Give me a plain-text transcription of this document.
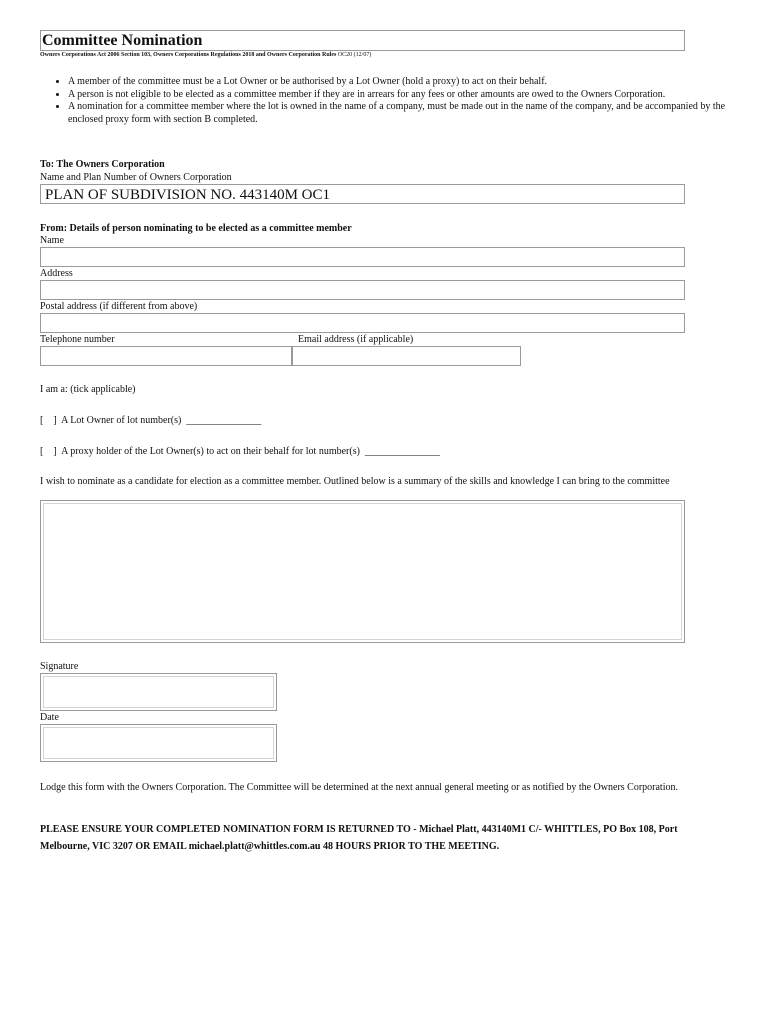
Committee Nomination
Owners Corporations Act 2006 Section 103, Owners Corporations Regulations 2018 and Owners Corporation Rules OC20 (12/07)
• A member of the committee must be a Lot Owner or be authorised by a Lot Owner (hold a proxy) to act on their behalf.
• A person is not eligible to be elected as a committee member if they are in arrears for any fees or other amounts are owed to the Owners Corporation.
• A nomination for a committee member where the lot is owned in the name of a company, must be made out in the name of the company, and be accompanied by the enclosed proxy form with section B completed.
To: The Owners Corporation
Name and Plan Number of Owners Corporation
PLAN OF SUBDIVISION NO. 443140M OC1
From: Details of person nominating to be elected as a committee member
Name
Address
Postal address (if different from above)
Telephone number	Email address (if applicable)
I am a: (tick applicable)
[    ]  A Lot Owner of lot number(s)  _______________
[    ]  A proxy holder of the Lot Owner(s) to act on their behalf for lot number(s)  _______________
I wish to nominate as a candidate for election as a committee member. Outlined below is a summary of the skills and knowledge I can bring to the committee
Signature
Date
Lodge this form with the Owners Corporation. The Committee will be determined at the next annual general meeting or as notified by the Owners Corporation.
PLEASE ENSURE YOUR COMPLETED NOMINATION FORM IS RETURNED TO - Michael Platt, 443140M1 C/- WHITTLES, PO Box 108, Port Melbourne, VIC 3207 OR EMAIL michael.platt@whittles.com.au 48 HOURS PRIOR TO THE MEETING.
